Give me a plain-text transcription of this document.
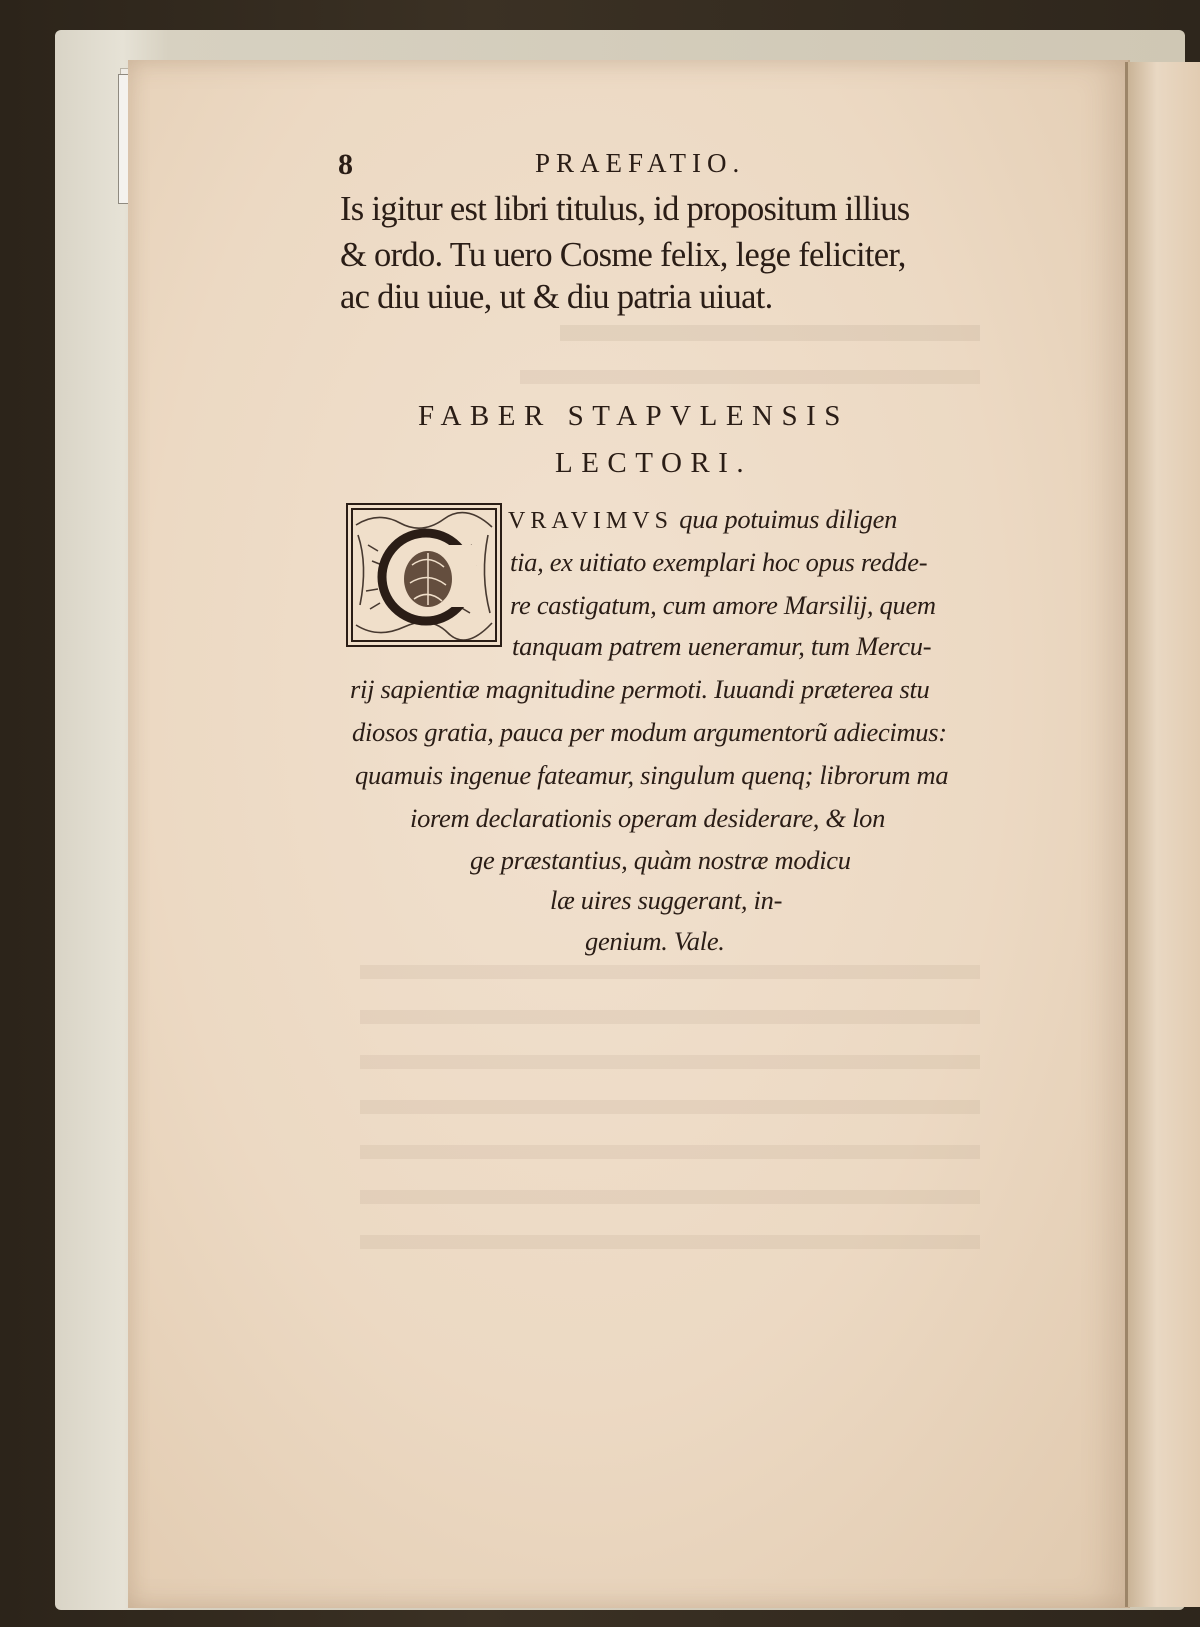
8	PRAEFATIO.
Is igitur est libri titulus, id propositum illius
& ordo. Tu uero Cosme felix, lege feliciter,
ac diu uiue, ut & diu patria uiuat.
FABER STAPVLENSIS
LECTORI.
VRAVIMVS qua potuimus diligen
tia, ex uitiato exemplari hoc opus redde-
re castigatum, cum amore Marsilij, quem
tanquam patrem ueneramur, tum Mercu-
rij sapientiæ magnitudine permoti. Iuuandi præterea stu
diosos gratia, pauca per modum argumentorũ adiecimus:
quamuis ingenue fateamur, singulum quenq; librorum ma
iorem declarationis operam desiderare, & lon
ge præstantius, quàm nostræ modicu
læ uires suggerant, in-
genium. Vale.
